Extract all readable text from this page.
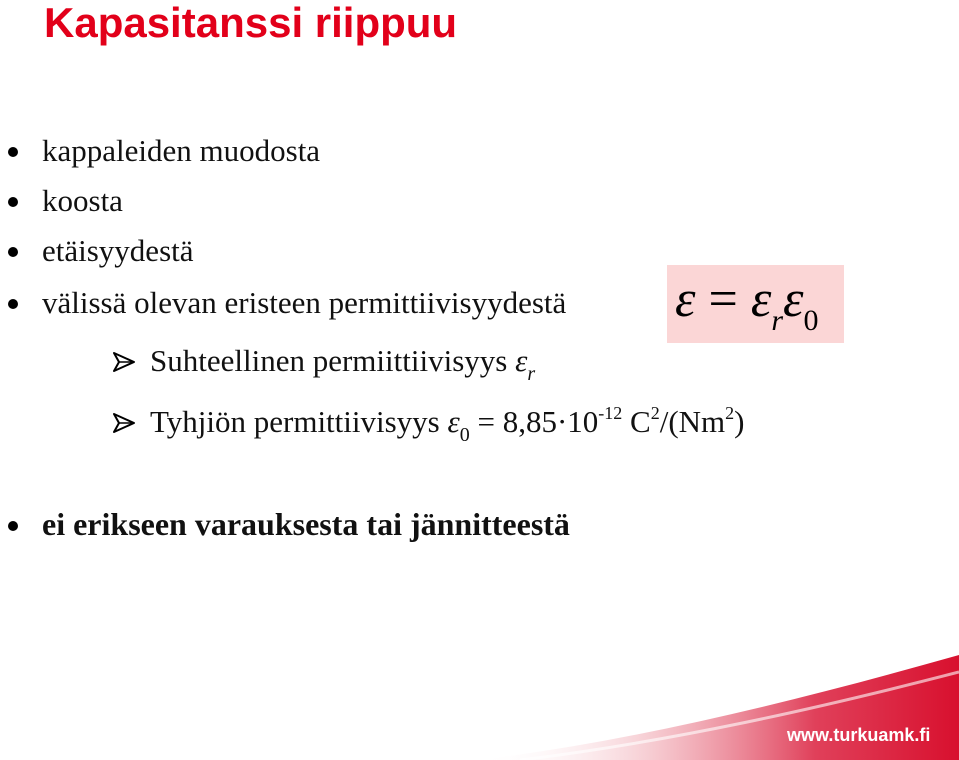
Kapasitanssi riippuu
kappaleiden muodosta
koosta
etäisyydestä
välissä olevan eristeen permittiivisyydestä $\varepsilon = \varepsilon_r\varepsilon_0$
Suhteellinen permiittiivisyys $\varepsilon_r$
Tyhjiön permittiivisyys $\varepsilon_0 = 8,85\cdot 10^{-12}$ $C^2/(Nm^2)$
ei erikseen varauksesta tai jännitteestä
www.turkuamk.fi
